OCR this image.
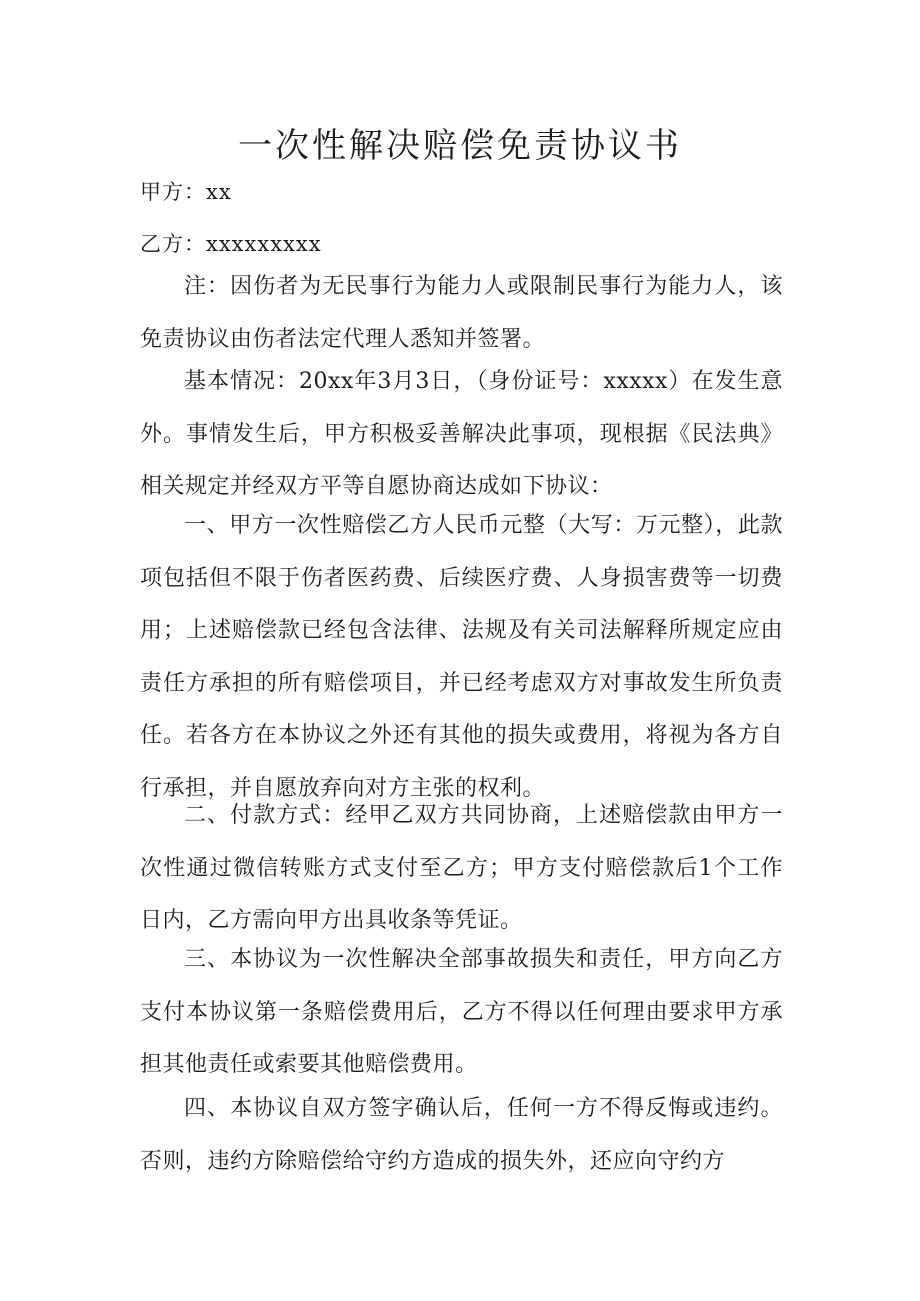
一次性解决赔偿免责协议书

甲方：xx

乙方：xxxxxxxxx

注：因伤者为无民事行为能力人或限制民事行为能力人，该免责协议由伤者法定代理人悉知并签署。

基本情况：20xx年3月3日，（身份证号：xxxxx）在发生意外。事情发生后，甲方积极妥善解决此事项，现根据《民法典》相关规定并经双方平等自愿协商达成如下协议：

一、甲方一次性赔偿乙方人民币元整（大写：万元整），此款项包括但不限于伤者医药费、后续医疗费、人身损害费等一切费用；上述赔偿款已经包含法律、法规及有关司法解释所规定应由责任方承担的所有赔偿项目，并已经考虑双方对事故发生所负责任。若各方在本协议之外还有其他的损失或费用，将视为各方自行承担，并自愿放弃向对方主张的权利。

二、付款方式：经甲乙双方共同协商，上述赔偿款由甲方一次性通过微信转账方式支付至乙方；甲方支付赔偿款后1个工作日内，乙方需向甲方出具收条等凭证。

三、本协议为一次性解决全部事故损失和责任，甲方向乙方支付本协议第一条赔偿费用后，乙方不得以任何理由要求甲方承担其他责任或索要其他赔偿费用。

四、本协议自双方签字确认后，任何一方不得反悔或违约。否则，违约方除赔偿给守约方造成的损失外，还应向守约方
